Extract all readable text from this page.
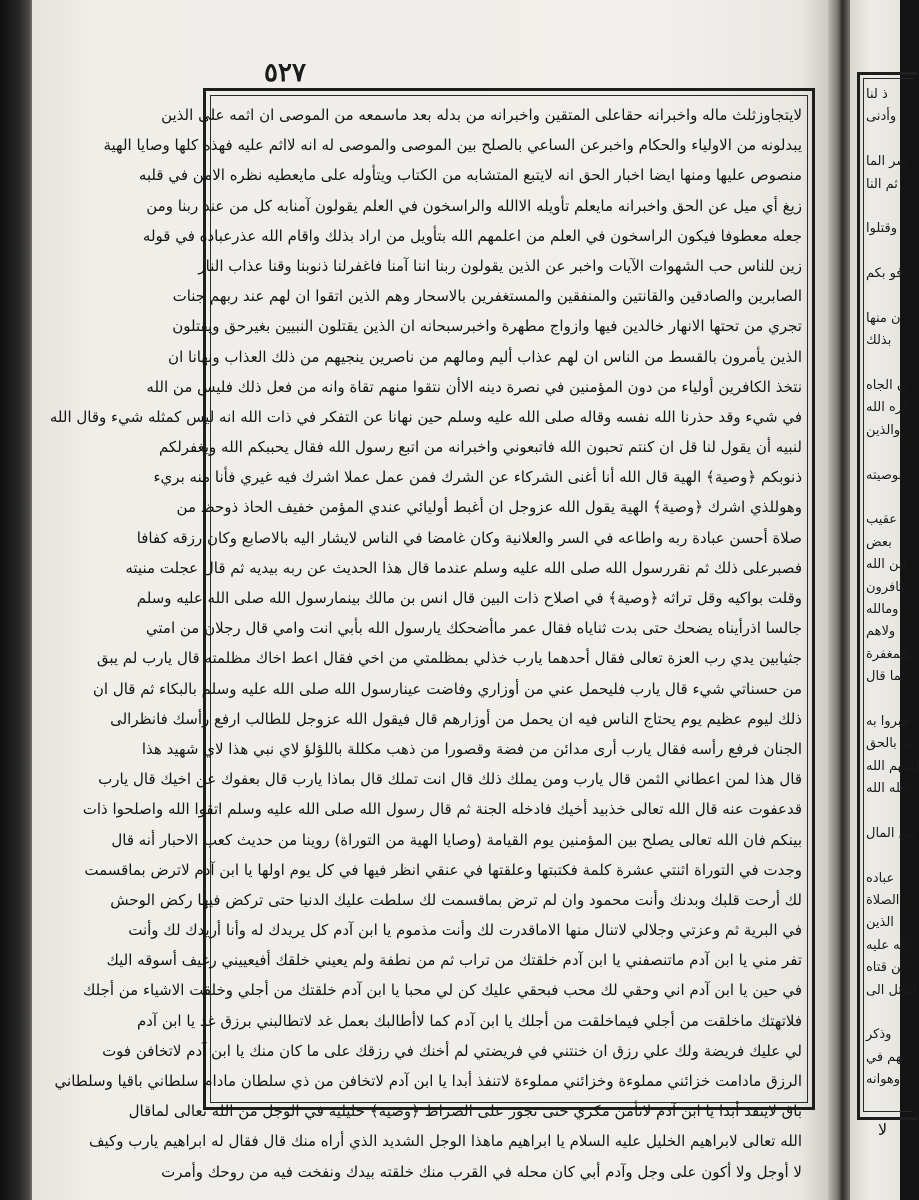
٥٢٧
لايتجاوزثلث ماله واخبرانه حقاعلى المتقين واخبرانه من بدله بعد ماسمعه من الموصى ان اثمه على الذين
يبدلونه من الاولياء والحكام واخبرعن الساعي بالصلح بين الموصى والموصى له انه لااثم عليه فهذه كلها وصايا الهية
منصوص عليها ومنها ايضا اخبار الحق انه لايتبع المتشابه من الكتاب ويتأوله على مايعطيه نظره الامن في قلبه
زيغ أي ميل عن الحق واخبرانه مايعلم تأويله الاالله والراسخون في العلم يقولون آمنابه كل من عند ربنا ومن
جعله معطوفا فيكون الراسخون في العلم من اعلمهم الله بتأويل من اراد بذلك واقام الله عذرعباده في قوله
زين للناس حب الشهوات الآيات واخبر عن الذين يقولون ربنا اننا آمنا فاغفرلنا ذنوبنا وقنا عذاب النار
الصابرين والصادقين والقانتين والمنفقين والمستغفرين بالاسحار وهم الذين اتقوا ان لهم عند ربهم جنات
تجري من تحتها الانهار خالدين فيها وازواج مطهرة واخبرسبحانه ان الذين يقتلون النبيين بغيرحق ويقتلون
الذين يأمرون بالقسط من الناس ان لهم عذاب أليم ومالهم من ناصرين ينجيهم من ذلك العذاب ونهانا ان
نتخذ الكافرين أولياء من دون المؤمنين في نصرة دينه الاأن نتقوا منهم تقاة وانه من فعل ذلك فليس من الله
في شيء وقد حذرنا الله نفسه وقاله صلى الله عليه وسلم حين نهانا عن التفكر في ذات الله انه ليس كمثله شيء وقال الله
لنبيه أن يقول لنا قل ان كنتم تحبون الله فاتبعوني واخبرانه من اتبع رسول الله فقال يحببكم الله ويغفرلكم
ذنوبكم ﴿وصية﴾ الهية قال الله أنا أغنى الشركاء عن الشرك فمن عمل عملا اشرك فيه غيري فأنا منه بريء
وهوللذي اشرك ﴿وصية﴾ الهية يقول الله عزوجل ان أغبط أوليائي عندي المؤمن خفيف الحاذ ذوحظ من
صلاة أحسن عبادة ربه واطاعه في السر والعلانية وكان غامضا في الناس لايشار اليه بالاصابع وكان رزقه كفافا
فصبرعلى ذلك ثم نقررسول الله صلى الله عليه وسلم عندما قال هذا الحديث عن ربه بيديه ثم قال عجلت منيته
وقلت بواكيه وقل تراثه ﴿وصية﴾ في اصلاح ذات البين قال انس بن مالك بينمارسول الله صلى الله عليه وسلم
جالسا اذرأيناه يضحك حتى بدت ثناياه فقال عمر ماأضحكك يارسول الله بأبي انت وامي قال رجلان من امتي
جثيابين يدي رب العزة تعالى فقال أحدهما يارب خذلي بمظلمتي من اخي فقال اعط اخاك مظلمته قال يارب لم يبق
من حسناتي شيء قال يارب فليحمل عني من أوزاري وفاضت عينارسول الله صلى الله عليه وسلم بالبكاء ثم قال ان
ذلك ليوم عظيم يوم يحتاج الناس فيه ان يحمل من أوزارهم قال فيقول الله عزوجل للطالب ارفع رأسك فانظرالى
الجنان فرفع رأسه فقال يارب أرى مدائن من فضة وقصورا من ذهب مكللة باللؤلؤ لاي نبي هذا لاي شهيد هذا
قال هذا لمن اعطاني الثمن قال يارب ومن يملك ذلك قال انت تملك قال بماذا يارب قال بعفوك عن اخيك قال يارب
قدعفوت عنه قال الله تعالى خذبيد أخيك فادخله الجنة ثم قال رسول الله صلى الله عليه وسلم اتقوا الله واصلحوا ذات
بينكم فان الله تعالى يصلح بين المؤمنين يوم القيامة (وصايا الهية من التوراة) روينا من حديث كعب الاحبار أنه قال
وجدت في التوراة اثنتي عشرة كلمة فكتبتها وعلقتها في عنقي انظر فيها في كل يوم اولها يا ابن آدم لاترض بماقسمت
لك أرحت قلبك وبدنك وأنت محمود وان لم ترض بماقسمت لك سلطت عليك الدنيا حتى تركض فيها ركض الوحش
في البرية ثم وعزتي وجلالي لاتنال منها الاماقدرت لك وأنت مذموم يا ابن آدم كل يريدك له وأنا أريدك لك وأنت
تفر مني يا ابن آدم ماتنصفني يا ابن آدم خلقتك من تراب ثم من نطفة ولم يعيني خلقك أفيعييني رغيف أسوقه اليك
في حين يا ابن آدم اني وحقي لك محب فبحقي عليك كن لي محبا يا ابن آدم خلقتك من أجلي وخلقت الاشياء من أجلك
فلاتهتك ماخلقت من أجلي فيماخلقت من أجلك يا ابن آدم كما لاأطالبك بعمل غد لاتطالبني برزق غد يا ابن آدم
لي عليك فريضة ولك علي رزق ان خنتني في فريضتي لم أخنك في رزقك على ما كان منك يا ابن آدم لاتخافن فوت
الرزق مادامت خزائني مملوءة وخزائني مملوءة لاتنفذ أبدا يا ابن آدم لاتخافن من ذي سلطان مادام سلطاني باقيا وسلطاني
باق لاينفد أبدا يا ابن آدم لاتأمن مكري حتى تجوز على الصراط ﴿وصية﴾ خليلية في الوجل من الله تعالى لماقال
الله تعالى لابراهيم الخليل عليه السلام يا ابراهيم ماهذا الوجل الشديد الذي أراه منك قال فقال له ابراهيم يارب وكيف
لا أوجل ولا أكون على وجل وآدم أبي كان محله في القرب منك خلقته بيدك ونفخت فيه من روحك وأمرت
ذ لنا
وأدنى
سر الما
ثم النا
وقتلوا
فو بكم
ن منها
بذلك
ن الجاه
كره الله
والذين
بوصيته
عقيب
بعض
ابن الله
كافرون
ومالله
ولاهم
بالمغفرة
كما قال
خبروا به
ب بالحق
لمنهم الله
أجله الله
من المال
عباده
الصلاة
الذين
الله عليه
ابن قتاه
لقاتل الى
وذكر
لهم في
وهوانه
لا
